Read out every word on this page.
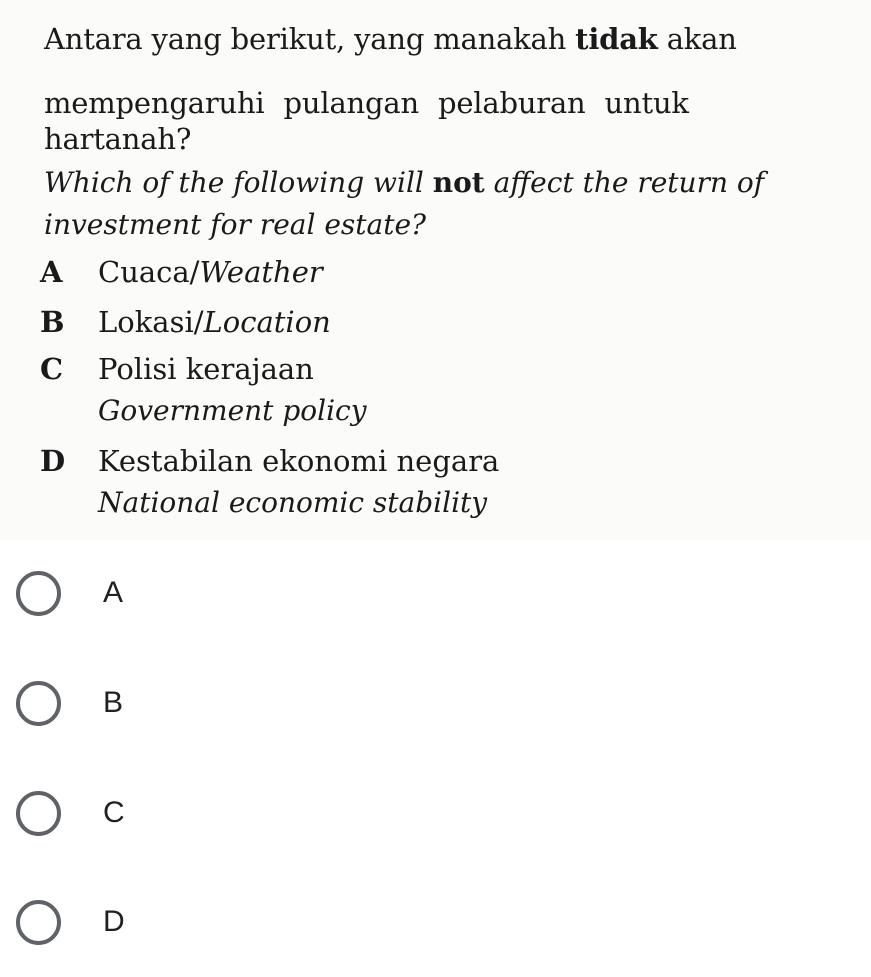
Antara yang berikut, yang manakah tidak akan
mempengaruhi pulangan pelaburan untuk
hartanah?
Which of the following will not affect the return of
investment for real estate?
A Cuaca/Weather
B Lokasi/Location
C Polisi kerajaan
Government policy
D Kestabilan ekonomi negara
National economic stability
A
B
C
D
